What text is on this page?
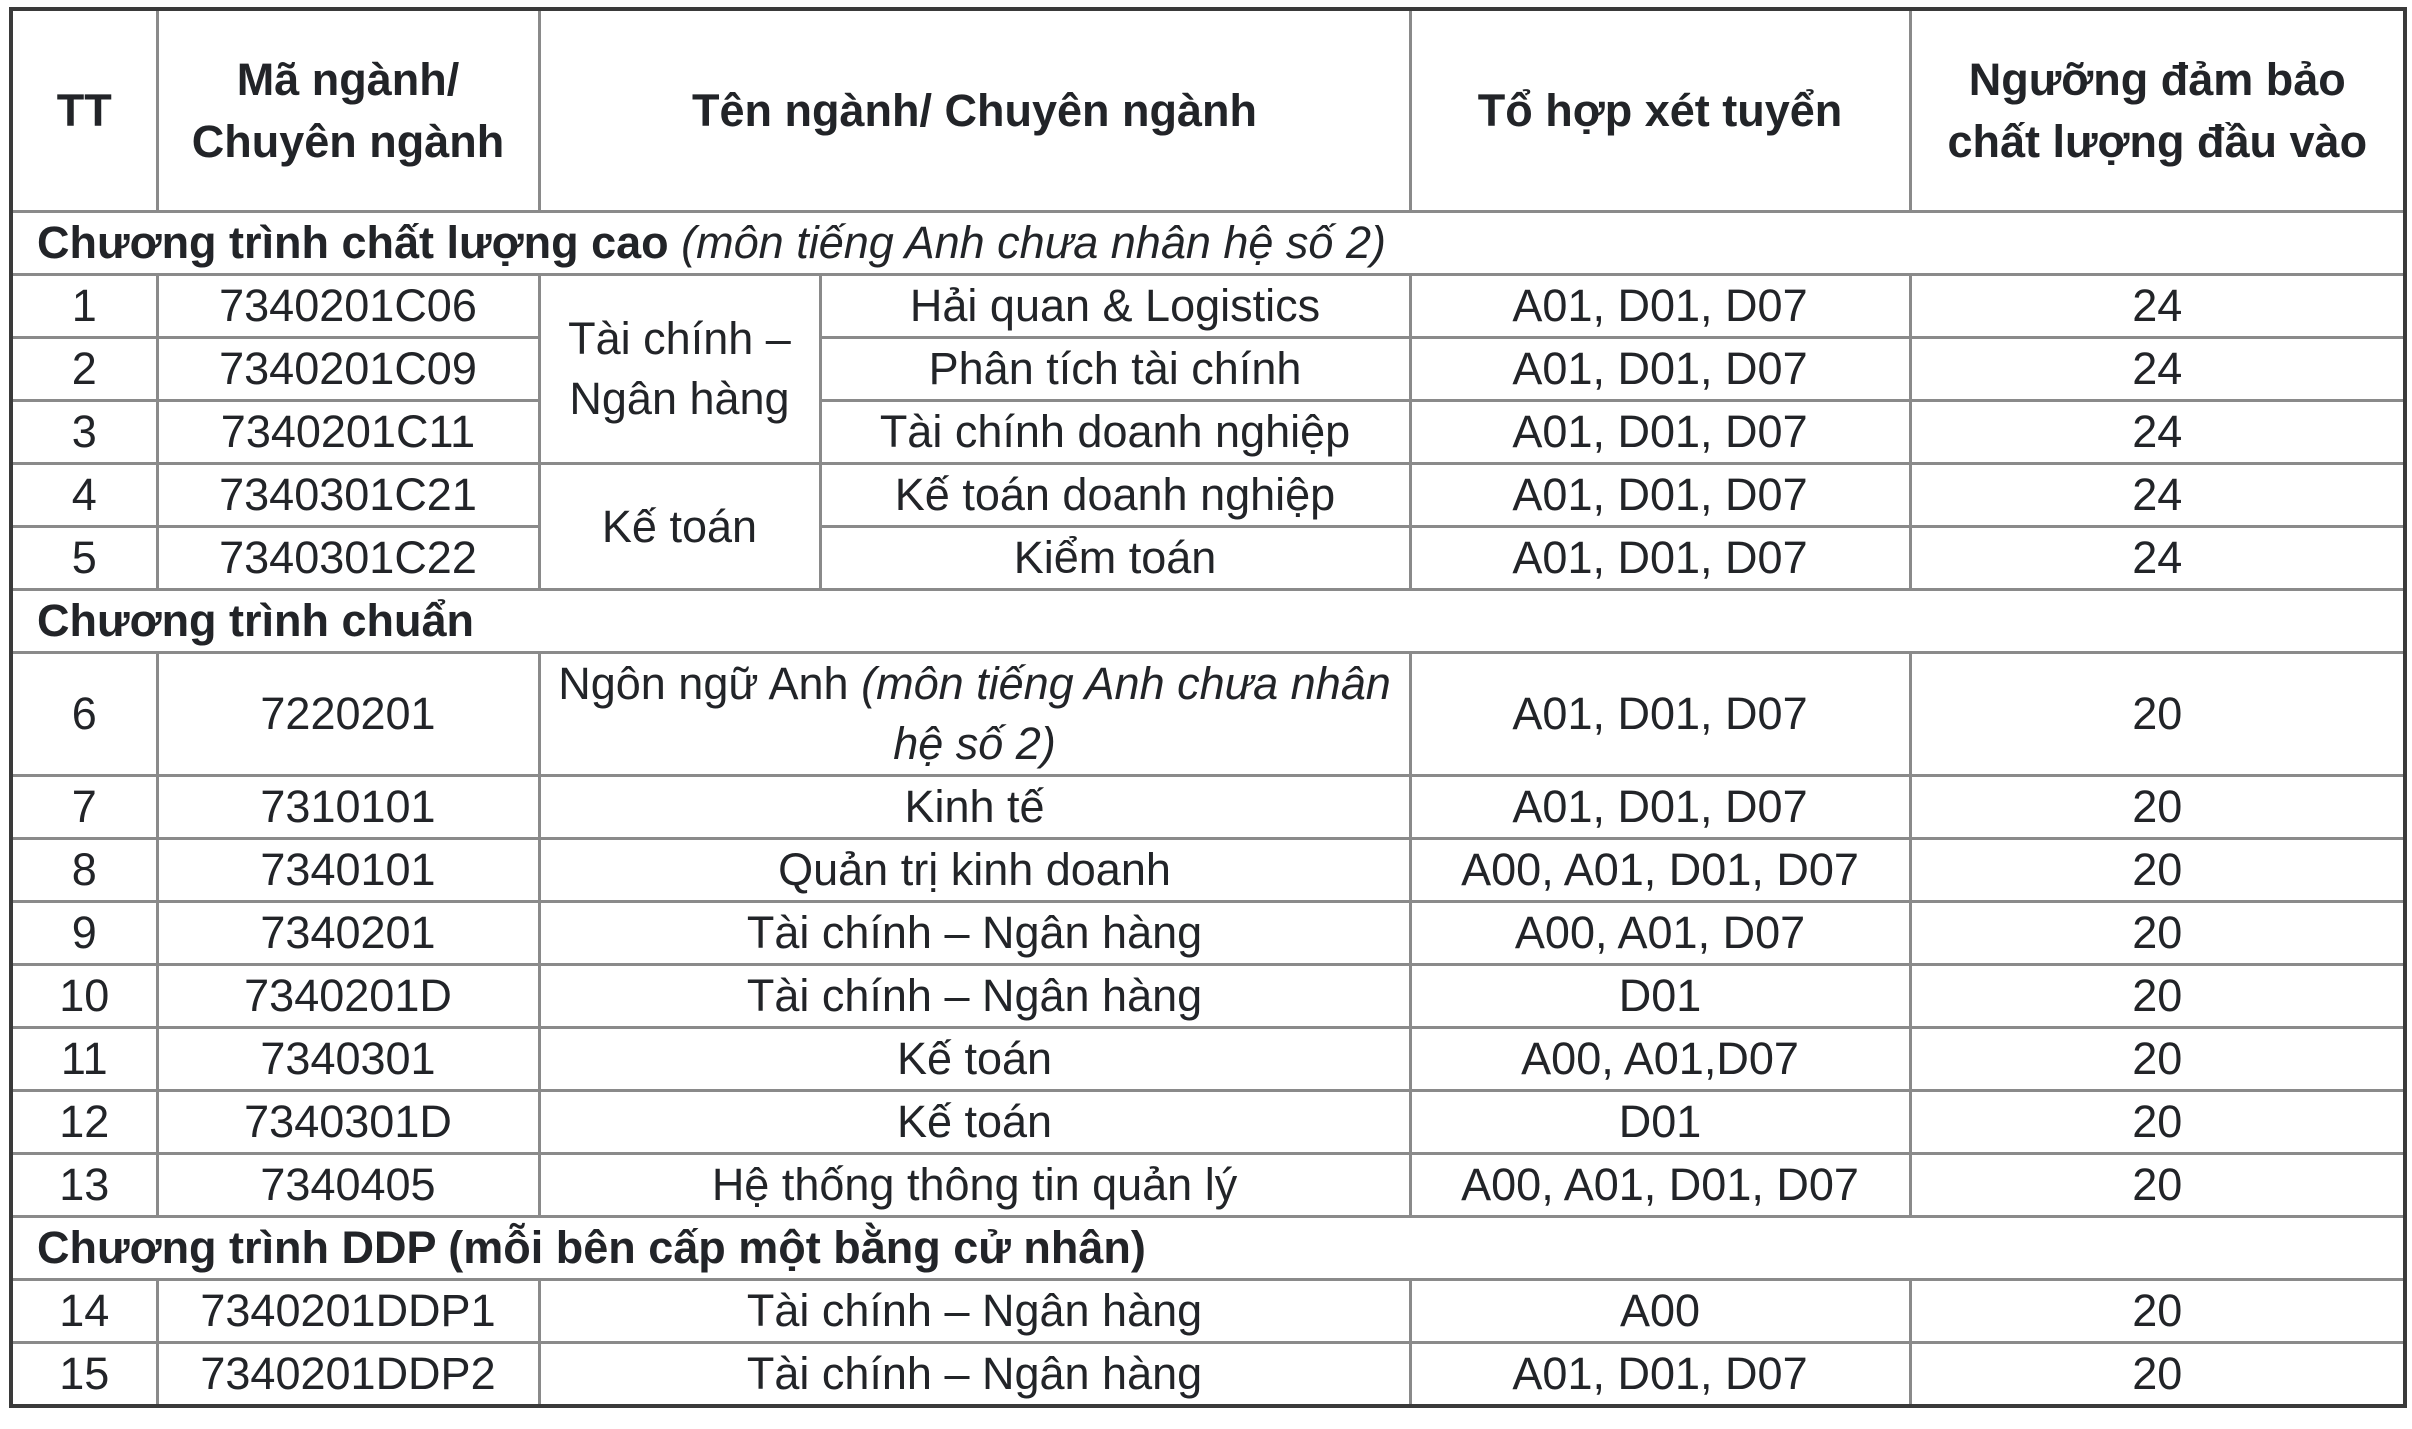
TT	Mã ngành/ Chuyên ngành	Tên ngành/ Chuyên ngành		Tổ hợp xét tuyển	Ngưỡng đảm bảo chất lượng đầu vào
Chương trình chất lượng cao (môn tiếng Anh chưa nhân hệ số 2)					
1	7340201C06	Tài chính – Ngân hàng	Hải quan & Logistics	A01, D01, D07	24
2	7340201C09		Phân tích tài chính	A01, D01, D07	24
3	7340201C11		Tài chính doanh nghiệp	A01, D01, D07	24
4	7340301C21	Kế toán	Kế toán doanh nghiệp	A01, D01, D07	24
5	7340301C22		Kiểm toán	A01, D01, D07	24
Chương trình chuẩn					
6	7220201	Ngôn ngữ Anh (môn tiếng Anh chưa nhân hệ số 2)		A01, D01, D07	20
7	7310101	Kinh tế		A01, D01, D07	20
8	7340101	Quản trị kinh doanh		A00, A01, D01, D07	20
9	7340201	Tài chính – Ngân hàng		A00, A01, D07	20
10	7340201D	Tài chính – Ngân hàng		D01	20
11	7340301	Kế toán		A00, A01,D07	20
12	7340301D	Kế toán		D01	20
13	7340405	Hệ thống thông tin quản lý		A00, A01, D01, D07	20
Chương trình DDP (mỗi bên cấp một bằng cử nhân)					
14	7340201DDP1	Tài chính – Ngân hàng		A00	20
15	7340201DDP2	Tài chính – Ngân hàng		A01, D01, D07	20
